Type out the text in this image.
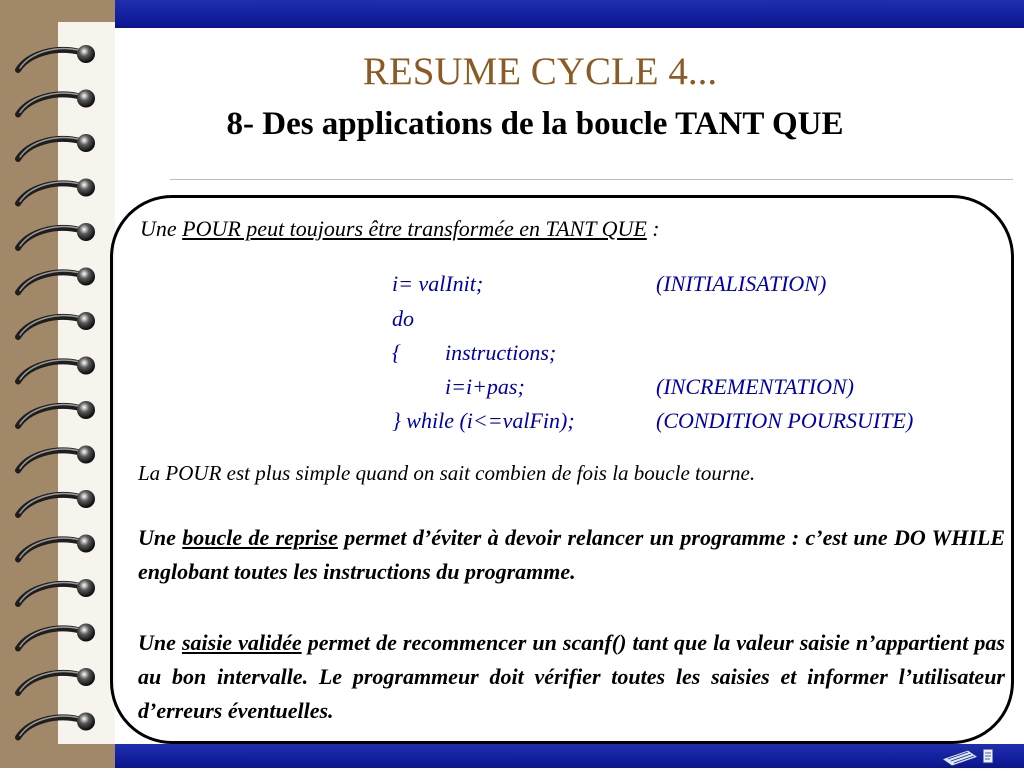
RESUME CYCLE 4...
8- Des applications de la boucle TANT QUE
Une POUR peut toujours être transformée en TANT QUE :
i= valInit;	(INITIALISATION)
do
{ instructions;
i=i+pas;	(INCREMENTATION)
} while (i<=valFin);	(CONDITION POURSUITE)
La POUR est plus simple quand on sait combien de fois la boucle tourne.
Une boucle de reprise permet d’éviter à devoir relancer un programme : c’est une DO WHILE englobant toutes les instructions du programme.
Une saisie validée permet de recommencer un scanf() tant que la valeur saisie n’appartient pas au bon intervalle. Le programmeur doit vérifier toutes les saisies et informer l’utilisateur d’erreurs éventuelles.
